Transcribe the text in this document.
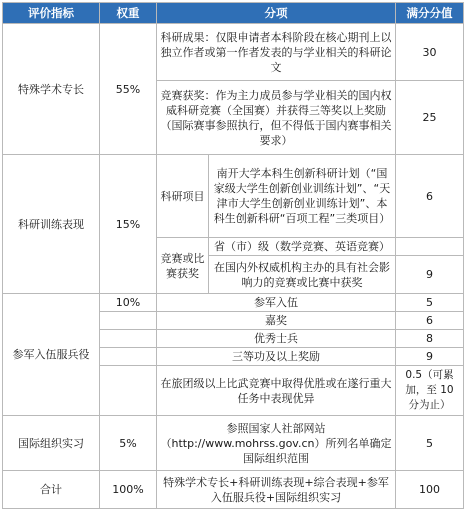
评价指标	权重	分项		满分分值
特殊学术专长	55%	科研成果：仅限申请者本科阶段在核心期刊上以独立作者或第一作者发表的与学业相关的科研论文		30
		竞赛获奖：作为主力成员参与学业相关的国内权威科研竞赛（全国赛）并获得三等奖以上奖励（国际赛事参照执行，但不得低于国内赛事相关要求）		25
科研训练表现	15%	科研项目	南开大学本科生创新科研计划（“国家级大学生创新创业训练计划”、“天津市大学生创新创业训练计划”、本科生创新科研“百项工程”三类项目）	6
		竞赛或比赛获奖	省（市）级（数学竞赛、英语竞赛）	
			在国内外权威机构主办的具有社会影响力的竞赛或比赛中获奖	9
参军入伍服兵役	10%	参军入伍		5
		嘉奖		6
		优秀士兵		8
		三等功及以上奖励		9
		在旅团级以上比武竞赛中取得优胜或在遂行重大任务中表现优异		0.5（可累加，至 10 分为止）
国际组织实习	5%	参照国家人社部网站（http://www.mohrss.gov.cn）所列名单确定国际组织范围		5
合计	100%	特殊学术专长+科研训练表现+综合表现+参军入伍服兵役+国际组织实习		100
